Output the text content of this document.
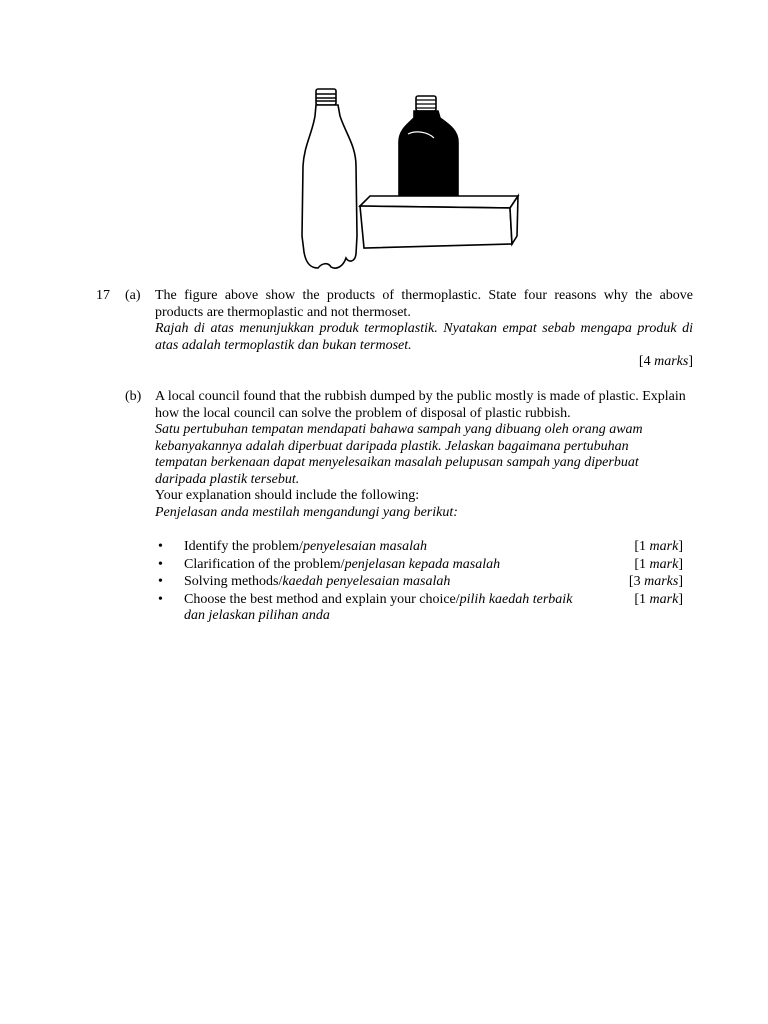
17 (a) The figure above show the products of thermoplastic. State four reasons why the above products are thermoplastic and not thermoset.

Rajah di atas menunjukkan produk termoplastik. Nyatakan empat sebab mengapa produk di atas adalah termoplastik dan bukan termoset.

[4 marks]
(b) A local council found that the rubbish dumped by the public mostly is made of plastic. Explain how the local council can solve the problem of disposal of plastic rubbish.

Satu pertubuhan tempatan mendapati bahawa sampah yang dibuang oleh orang awam kebanyakannya adalah diperbuat daripada plastik. Jelaskan bagaimana pertubuhan tempatan berkenaan dapat menyelesaikan masalah pelupusan sampah yang diperbuat daripada plastik tersebut.

Your explanation should include the following:

Penjelasan anda mestilah mengandungi yang berikut:

• Identify the problem/penyelesaian masalah	[1 mark]
• Clarification of the problem/penjelasan kepada masalah	[1 mark]
• Solving methods/kaedah penyelesaian masalah	[3 marks]
• Choose the best method and explain your choice/pilih kaedah terbaik dan jelaskan pilihan anda
[1 mark]
